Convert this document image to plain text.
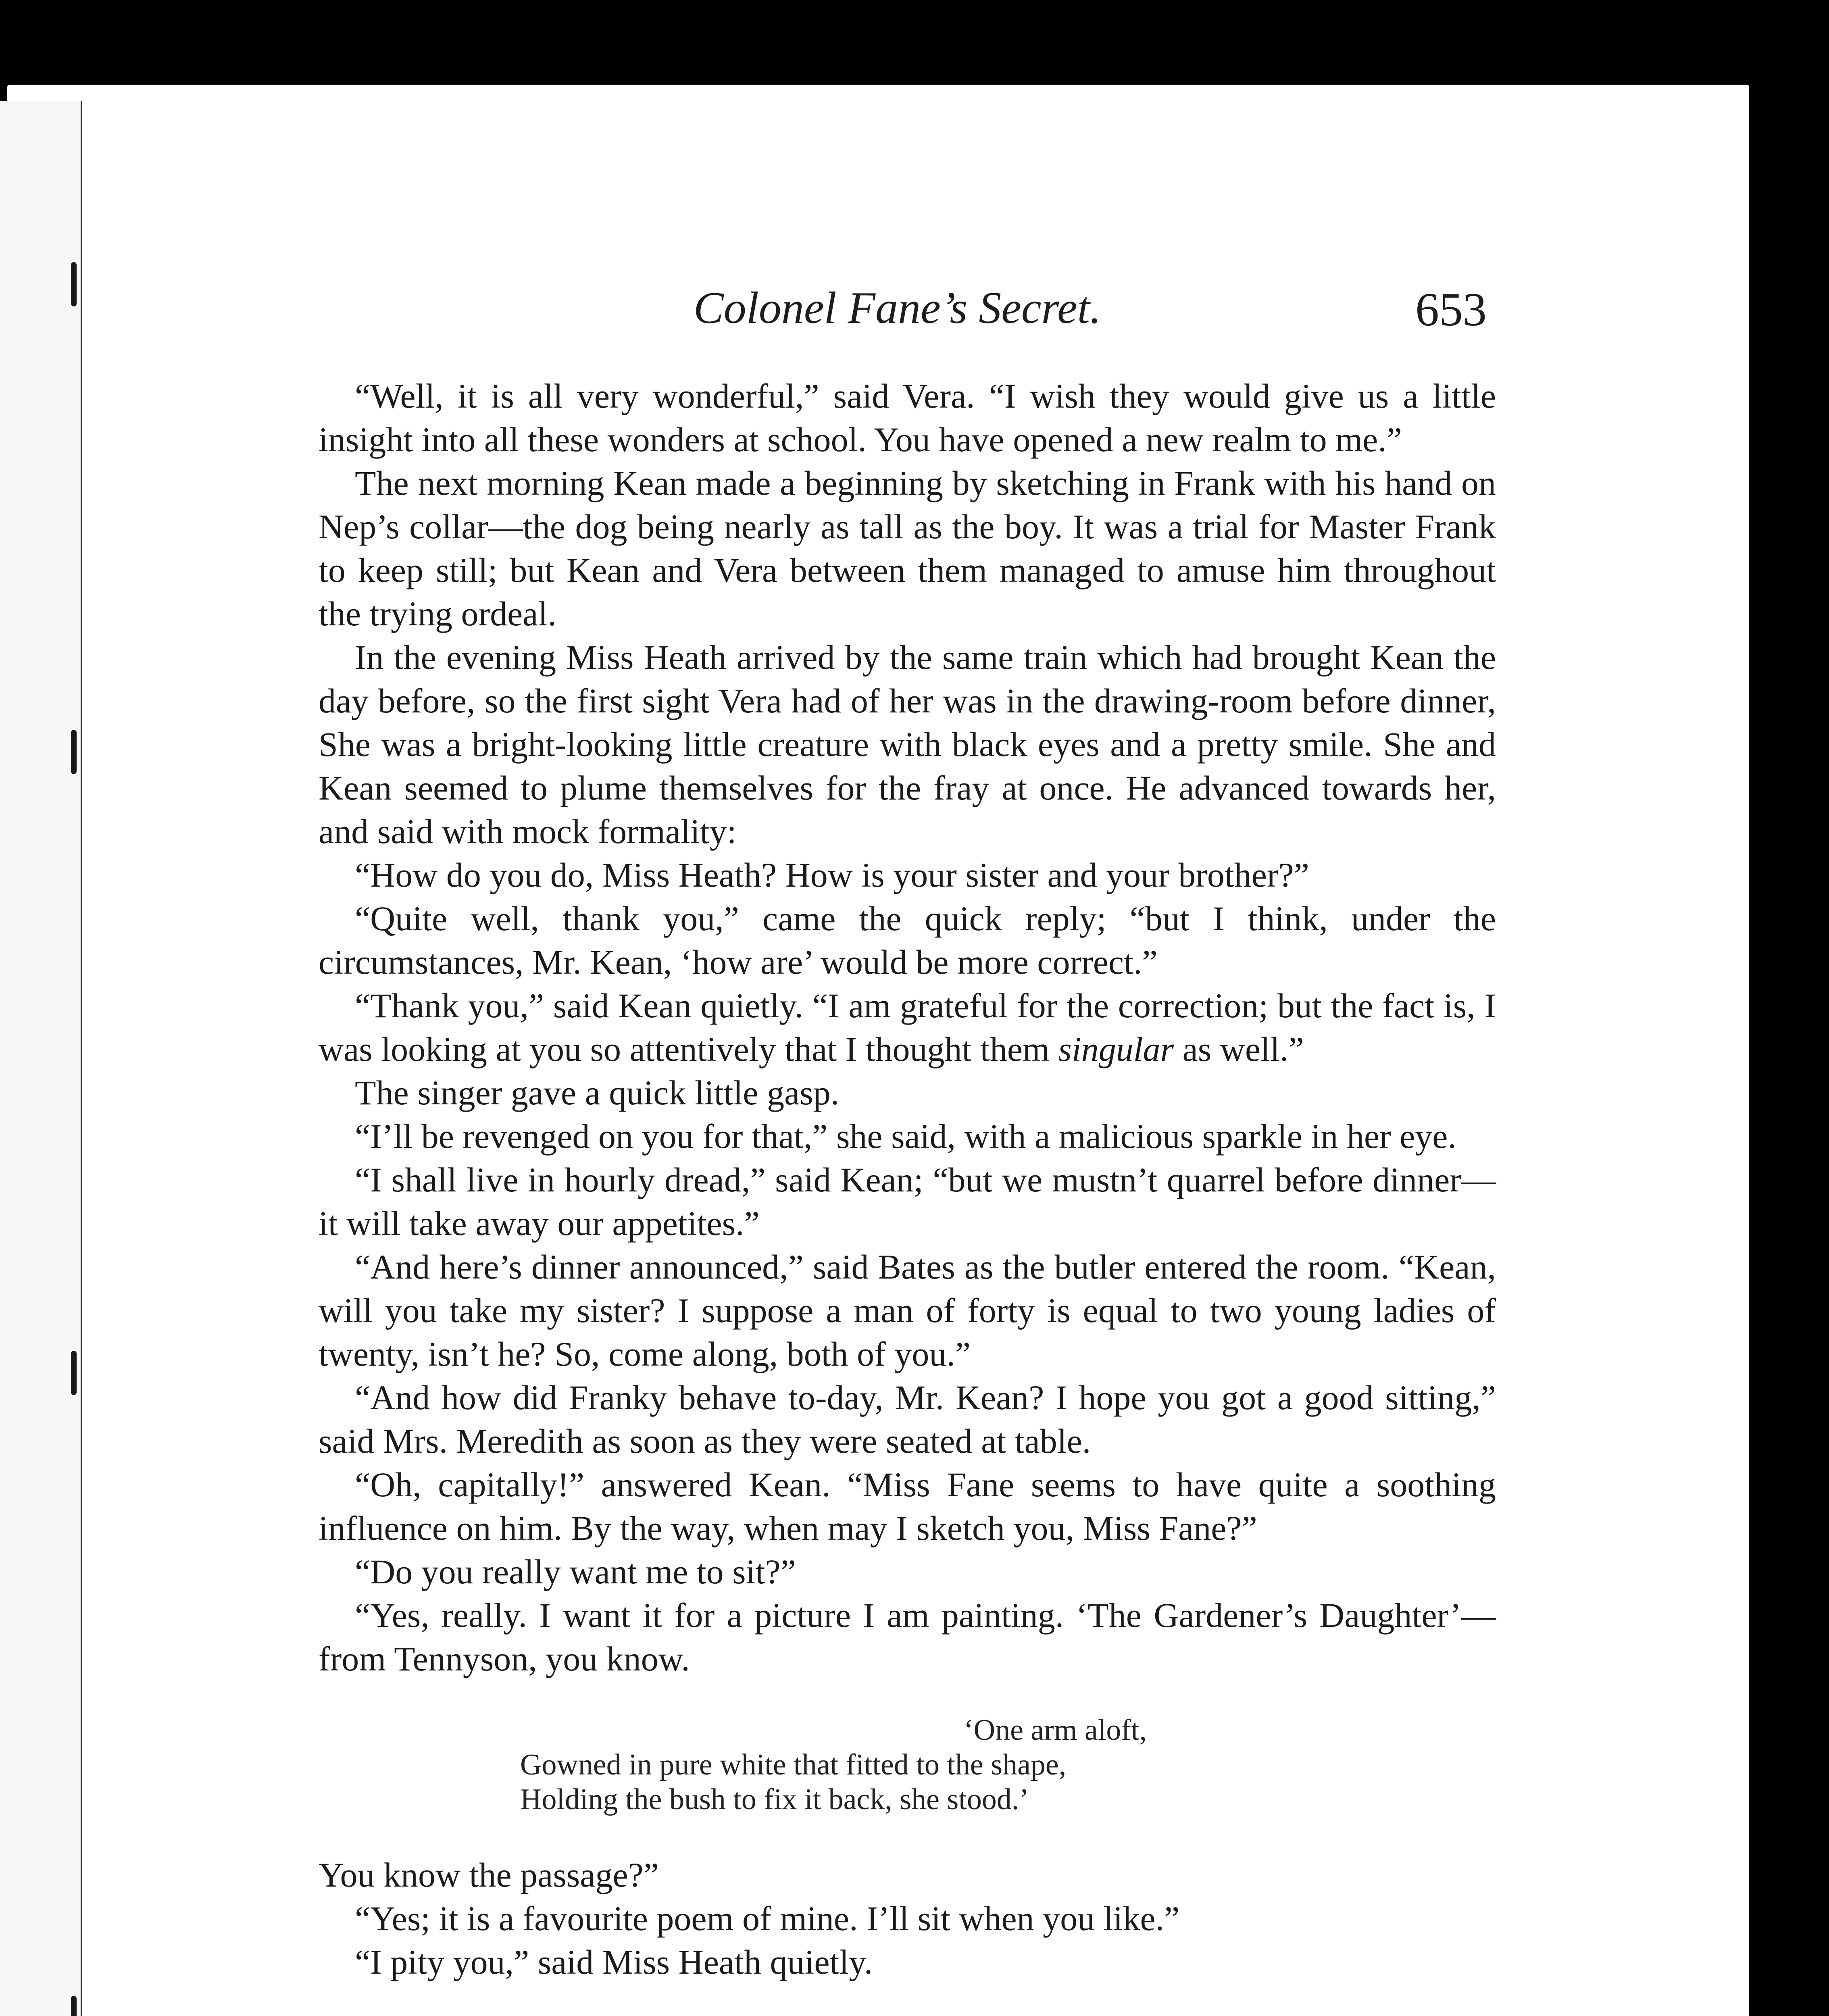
Colonel Fane’s Secret.	653

“Well, it is all very wonderful,” said Vera. “I wish they would give us a little insight into all these wonders at school. You have opened a new realm to me.”

The next morning Kean made a beginning by sketching in Frank with his hand on Nep’s collar—the dog being nearly as tall as the boy. It was a trial for Master Frank to keep still; but Kean and Vera between them managed to amuse him throughout the trying ordeal.

In the evening Miss Heath arrived by the same train which had brought Kean the day before, so the first sight Vera had of her was in the drawing-room before dinner, She was a bright-looking little creature with black eyes and a pretty smile. She and Kean seemed to plume themselves for the fray at once. He advanced towards her, and said with mock formality:

“How do you do, Miss Heath? How is your sister and your brother?”

“Quite well, thank you,” came the quick reply; “but I think, under the circumstances, Mr. Kean, ‘how are’ would be more correct.”

“Thank you,” said Kean quietly. “I am grateful for the correction; but the fact is, I was looking at you so attentively that I thought them singular as well.”

The singer gave a quick little gasp.

“I’ll be revenged on you for that,” she said, with a malicious sparkle in her eye.

“I shall live in hourly dread,” said Kean; “but we mustn’t quarrel before dinner—it will take away our appetites.”

“And here’s dinner announced,” said Bates as the butler entered the room. “Kean, will you take my sister? I suppose a man of forty is equal to two young ladies of twenty, isn’t he? So, come along, both of you.”

“And how did Franky behave to-day, Mr. Kean? I hope you got a good sitting,” said Mrs. Meredith as soon as they were seated at table.

“Oh, capitally!” answered Kean. “Miss Fane seems to have quite a soothing influence on him. By the way, when may I sketch you, Miss Fane?”

“Do you really want me to sit?”

“Yes, really. I want it for a picture I am painting. ‘The Gardener’s Daughter’—from Tennyson, you know.

‘One arm aloft,
Gowned in pure white that fitted to the shape,
Holding the bush to fix it back, she stood.’

You know the passage?”

“Yes; it is a favourite poem of mine. I’ll sit when you like.”

“I pity you,” said Miss Heath quietly.
